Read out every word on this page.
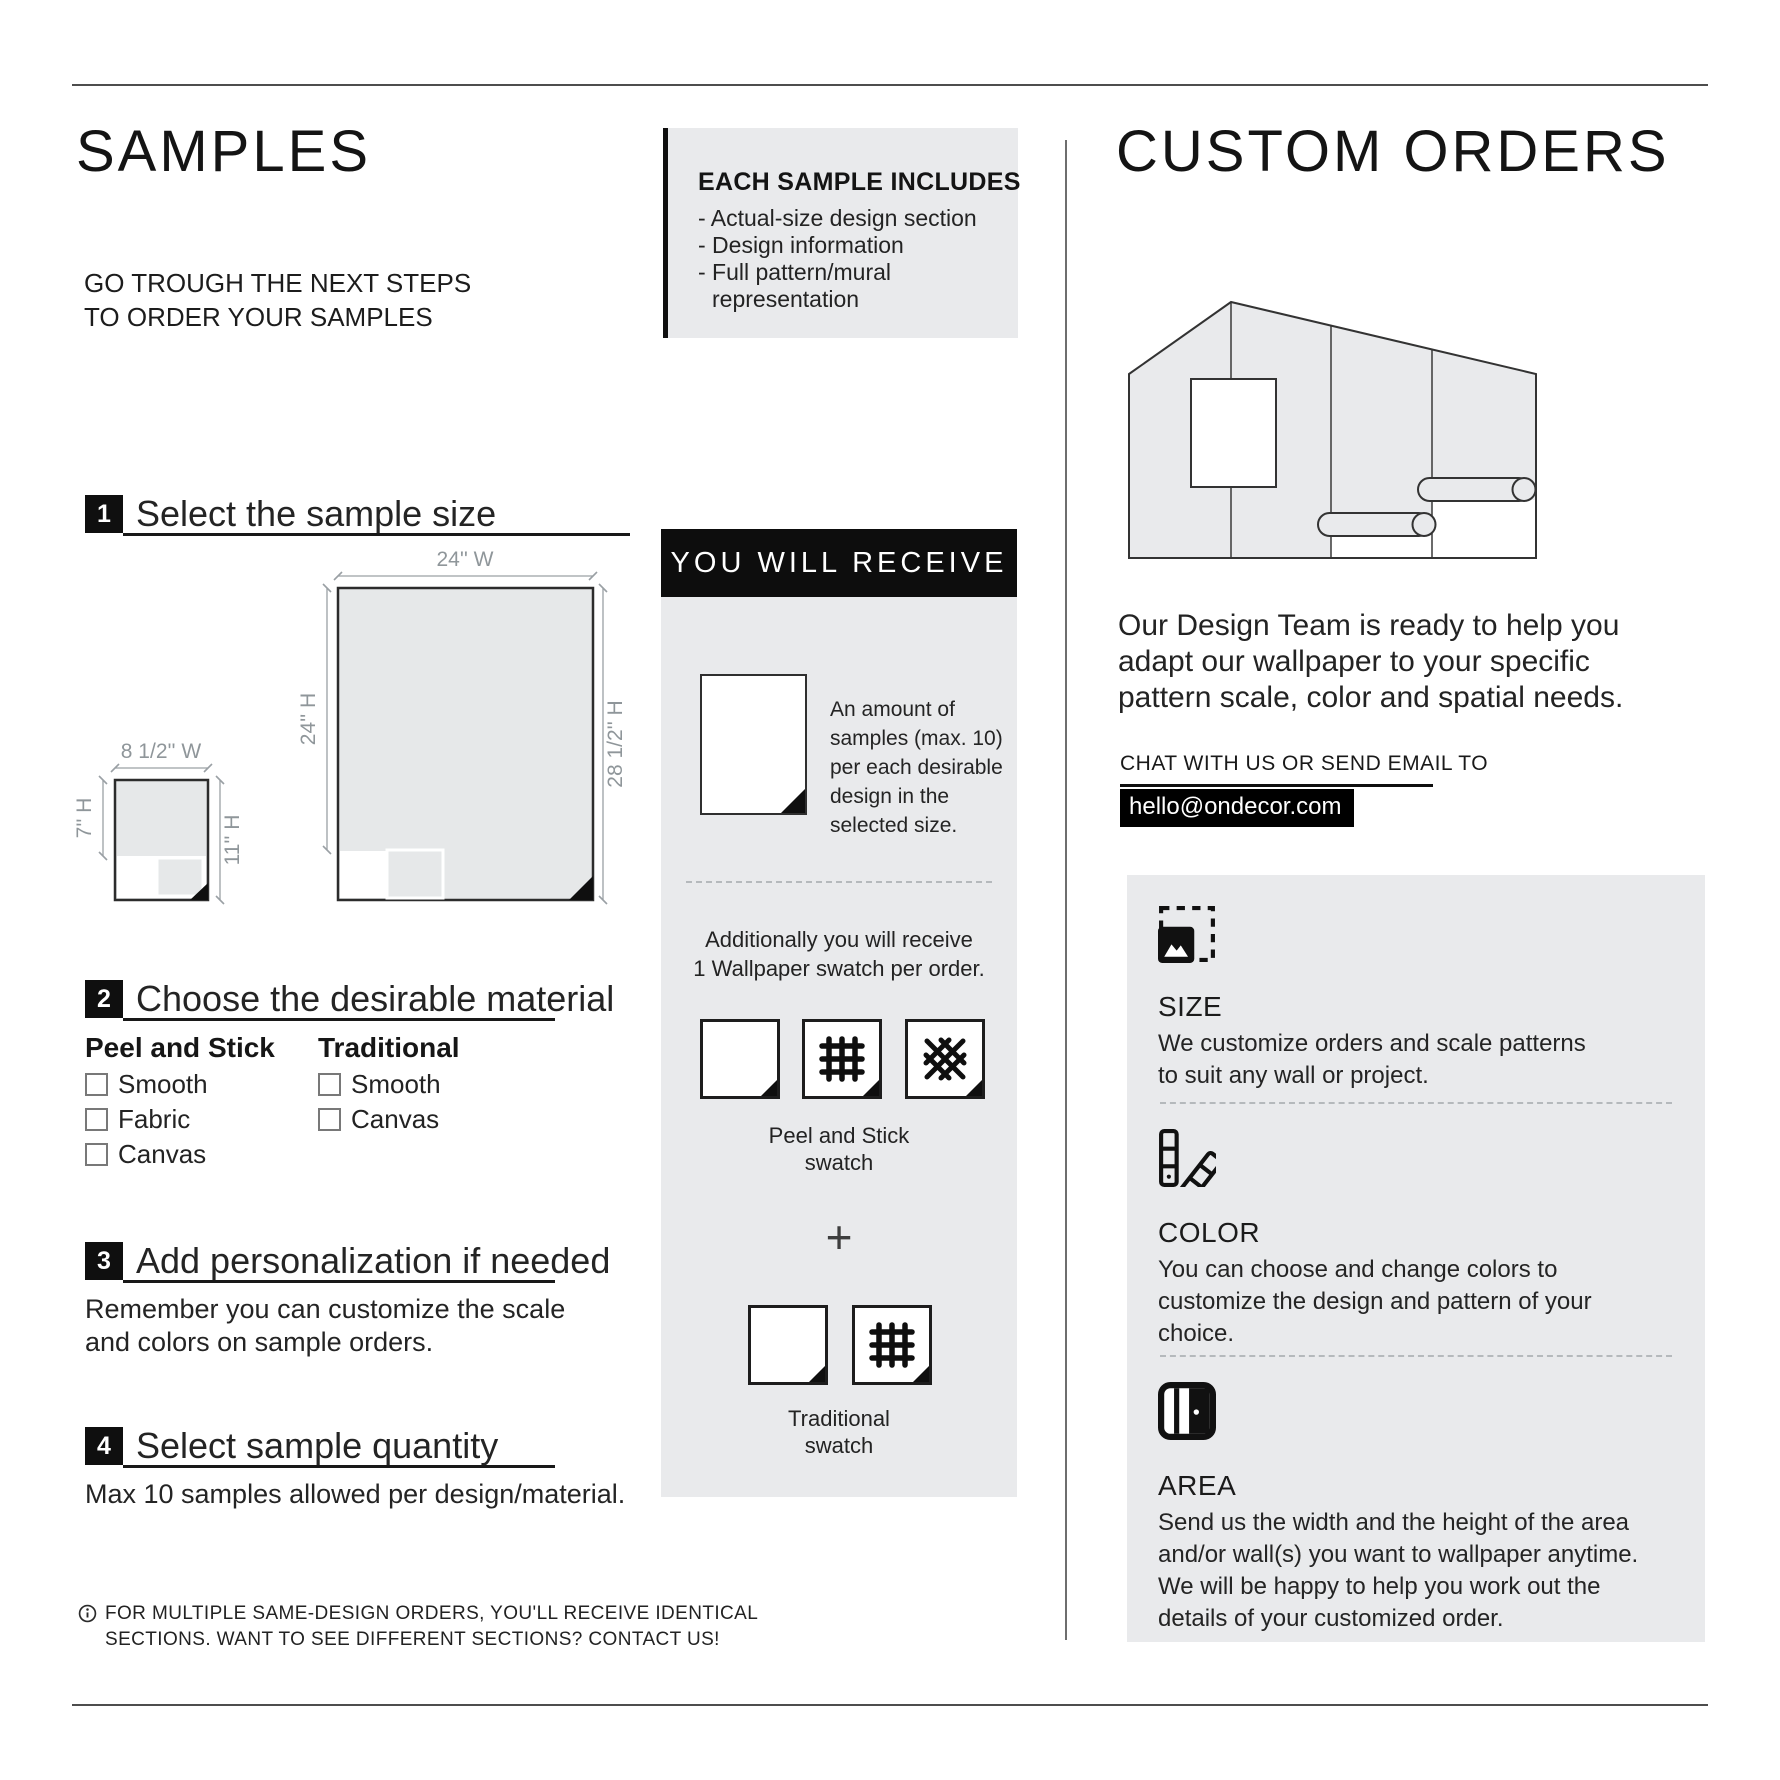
SAMPLES
GO TROUGH THE NEXT STEPS
TO ORDER YOUR SAMPLES
1 Select the sample size
24'' W
24'' H	28 1/2'' H
8 1/2'' W
7'' H	11'' H
2 Choose the desirable material
Peel and Stick Traditional
Smooth
Fabric
Canvas
Smooth
Canvas
3 Add personalization if needed
Remember you can customize the scale
and colors on sample orders.
4 Select sample quantity
Max 10 samples allowed per design/material.
FOR MULTIPLE SAME-DESIGN ORDERS, YOU'LL RECEIVE IDENTICAL
SECTIONS. WANT TO SEE DIFFERENT SECTIONS? CONTACT US!
EACH SAMPLE INCLUDES
- Actual-size design section
- Design information
- Full pattern/mural representation
YOU WILL RECEIVE
An amount of samples (max. 10) per each desirable design in the selected size.
Additionally you will receive
1 Wallpaper swatch per order.
Peel and Stick
swatch
+
Traditional
swatch
CUSTOM ORDERS
Our Design Team is ready to help you
adapt our wallpaper to your specific
pattern scale, color and spatial needs.
CHAT WITH US OR SEND EMAIL TO
hello@ondecor.com
SIZE
We customize orders and scale patterns to suit any wall or project.
COLOR
You can choose and change colors to customize the design and pattern of your choice.
AREA
Send us the width and the height of the area and/or wall(s) you want to wallpaper anytime. We will be happy to help you work out the details of your customized order.
